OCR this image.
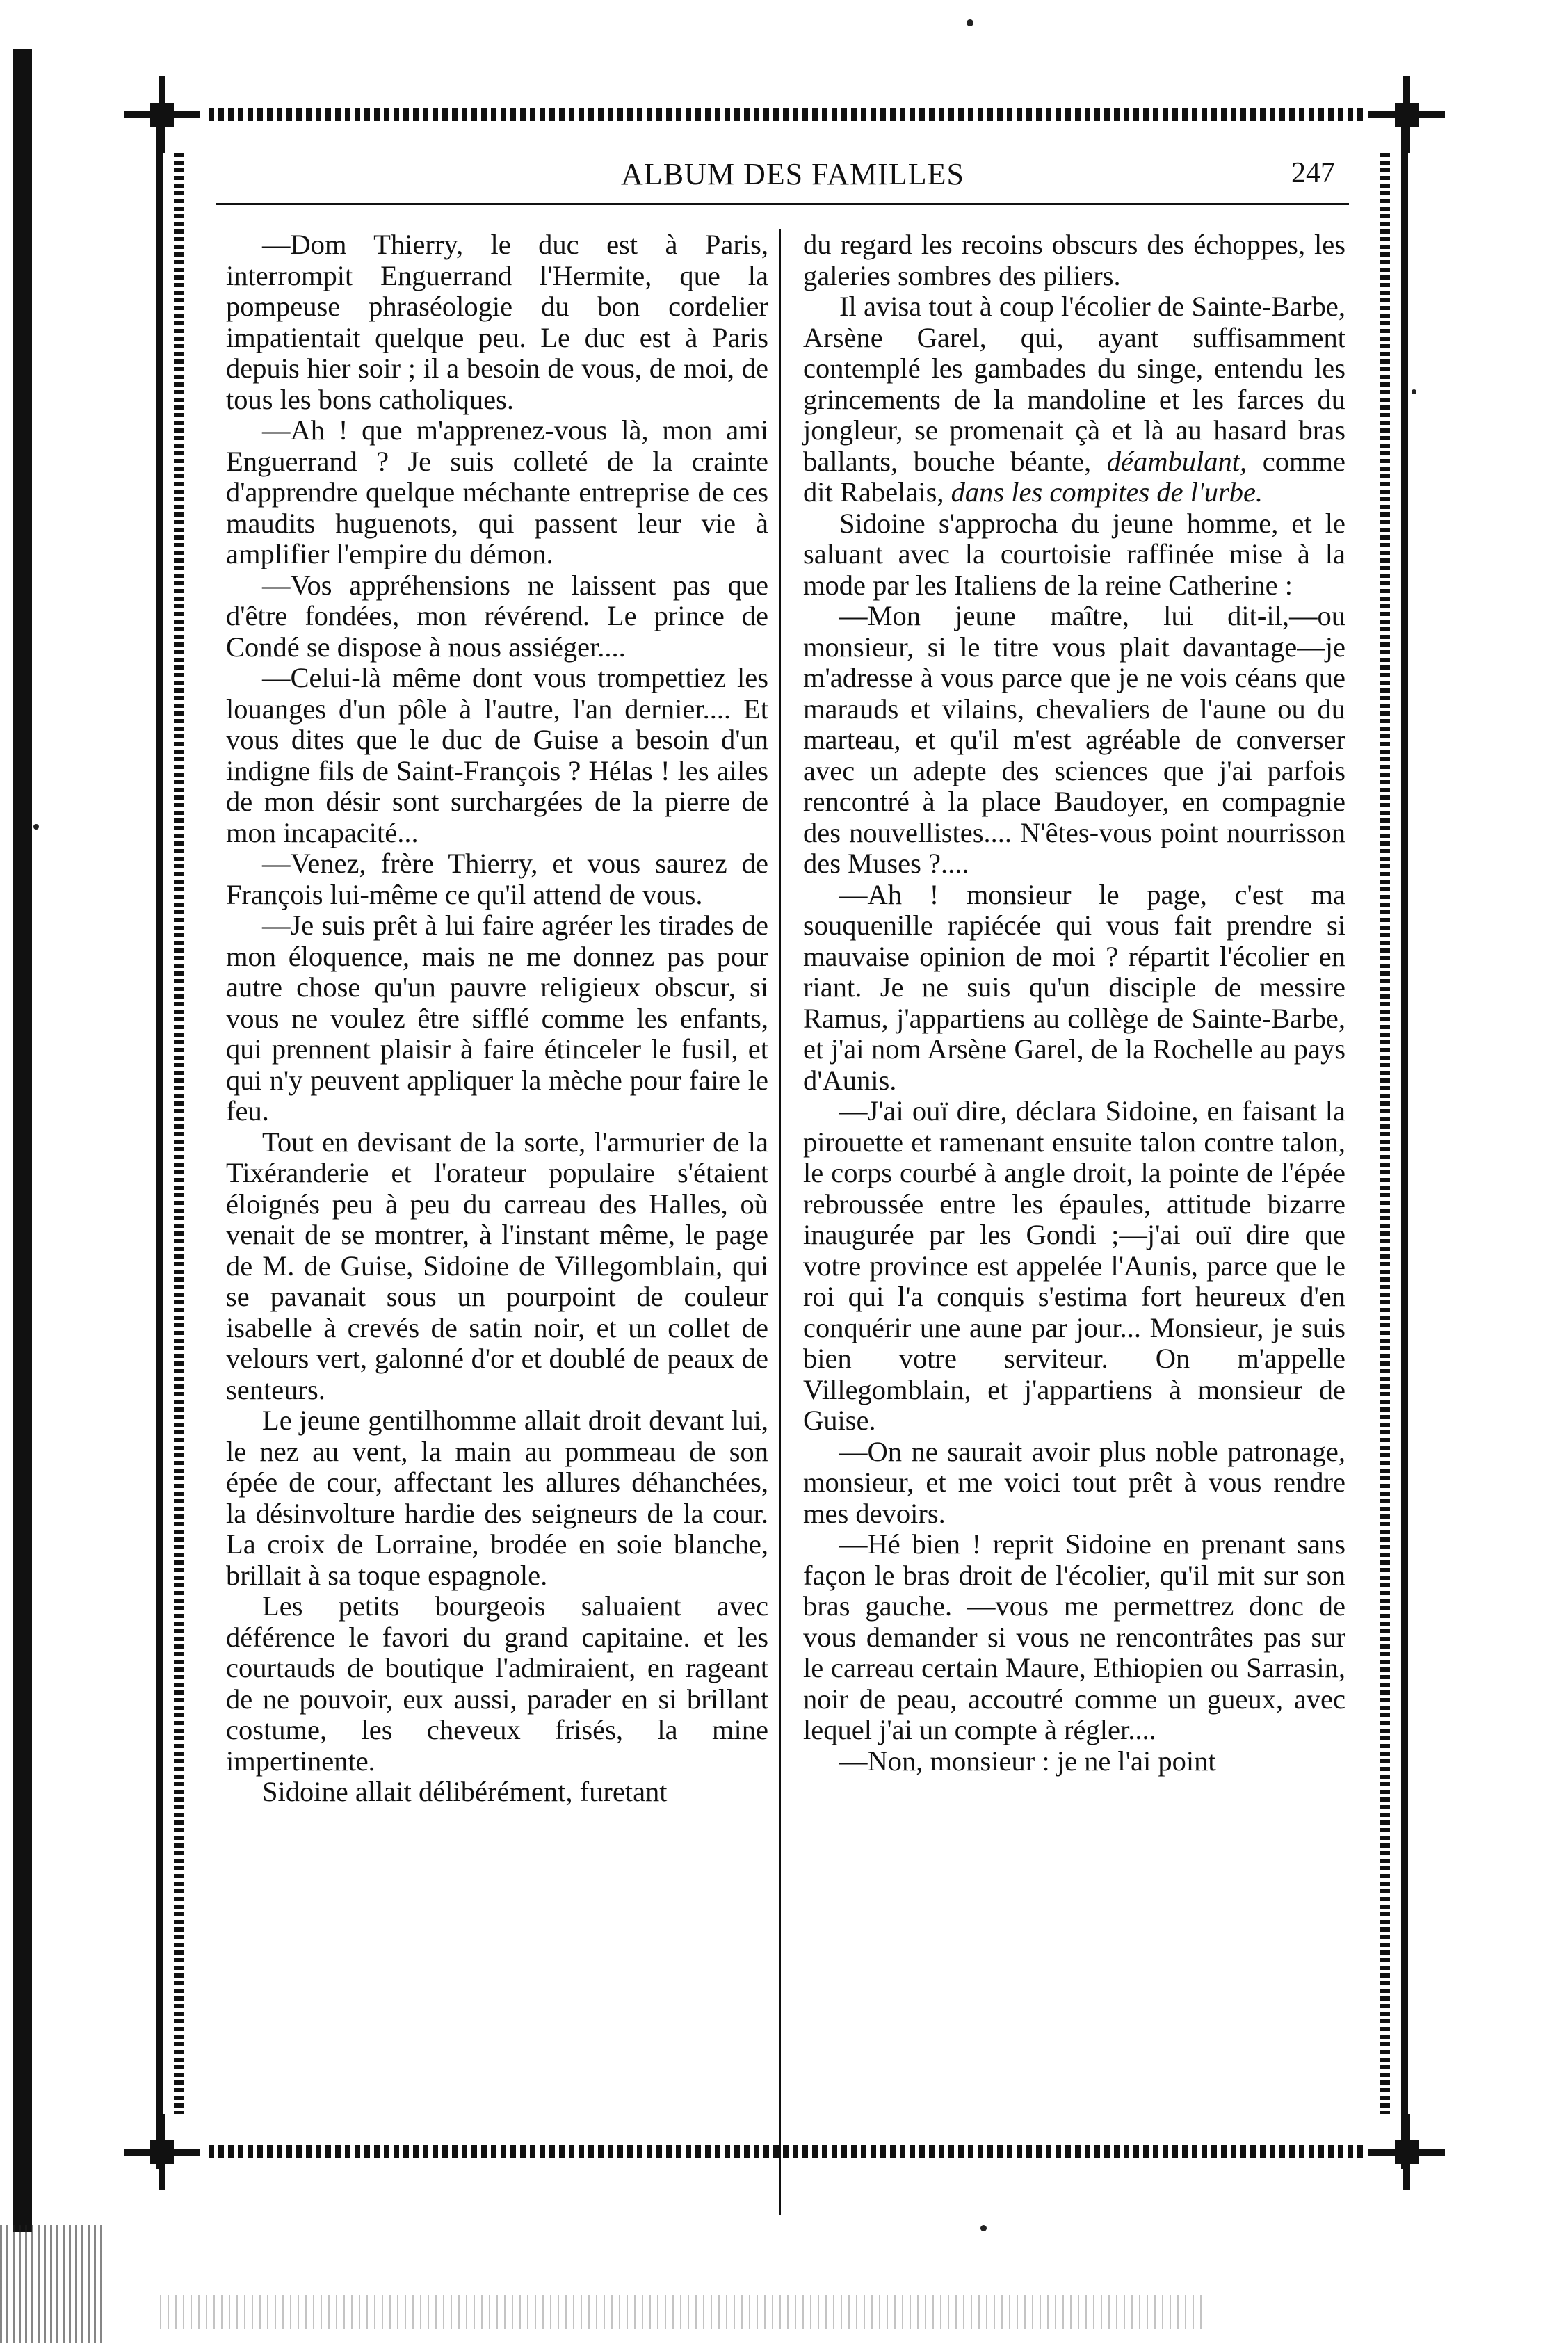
ALBUM DES FAMILLES	247

—Dom Thierry, le duc est à Paris, interrompit Enguerrand l'Hermite, que la pompeuse phraséologie du bon cordelier impatientait quelque peu. Le duc est à Paris depuis hier soir ; il a besoin de vous, de moi, de tous les bons catholiques.

—Ah ! que m'apprenez-vous là, mon ami Enguerrand ? Je suis colleté de la crainte d'apprendre quelque méchante entreprise de ces maudits huguenots, qui passent leur vie à amplifier l'empire du démon.

—Vos appréhensions ne laissent pas que d'être fondées, mon révérend. Le prince de Condé se dispose à nous assiéger....

—Celui-là même dont vous trompettiez les louanges d'un pôle à l'autre, l'an dernier.... Et vous dites que le duc de Guise a besoin d'un indigne fils de Saint-François ? Hélas ! les ailes de mon désir sont surchargées de la pierre de mon incapacité...

—Venez, frère Thierry, et vous saurez de François lui-même ce qu'il attend de vous.

—Je suis prêt à lui faire agréer les tirades de mon éloquence, mais ne me donnez pas pour autre chose qu'un pauvre religieux obscur, si vous ne voulez être sifflé comme les enfants, qui prennent plaisir à faire étinceler le fusil, et qui n'y peuvent appliquer la mèche pour faire le feu.

Tout en devisant de la sorte, l'armurier de la Tixéranderie et l'orateur populaire s'étaient éloignés peu à peu du carreau des Halles, où venait de se montrer, à l'instant même, le page de M. de Guise, Sidoine de Villegomblain, qui se pavanait sous un pourpoint de couleur isabelle à crevés de satin noir, et un collet de velours vert, galonné d'or et doublé de peaux de senteurs.

Le jeune gentilhomme allait droit devant lui, le nez au vent, la main au pommeau de son épée de cour, affectant les allures déhanchées, la désinvolture hardie des seigneurs de la cour. La croix de Lorraine, brodée en soie blanche, brillait à sa toque espagnole.

Les petits bourgeois saluaient avec déférence le favori du grand capitaine. et les courtauds de boutique l'admiraient, en rageant de ne pouvoir, eux aussi, parader en si brillant costume, les cheveux frisés, la mine impertinente.

Sidoine allait délibérément, furetant

du regard les recoins obscurs des échoppes, les galeries sombres des piliers.

Il avisa tout à coup l'écolier de Sainte-Barbe, Arsène Garel, qui, ayant suffisamment contemplé les gambades du singe, entendu les grincements de la mandoline et les farces du jongleur, se promenait çà et là au hasard bras ballants, bouche béante, déambulant, comme dit Rabelais, dans les compites de l'urbe.

Sidoine s'approcha du jeune homme, et le saluant avec la courtoisie raffinée mise à la mode par les Italiens de la reine Catherine :

—Mon jeune maître, lui dit-il,—ou monsieur, si le titre vous plait davantage—je m'adresse à vous parce que je ne vois céans que marauds et vilains, chevaliers de l'aune ou du marteau, et qu'il m'est agréable de converser avec un adepte des sciences que j'ai parfois rencontré à la place Baudoyer, en compagnie des nouvellistes.... N'êtes-vous point nourrisson des Muses ?....

—Ah ! monsieur le page, c'est ma souquenille rapiécée qui vous fait prendre si mauvaise opinion de moi ? répartit l'écolier en riant. Je ne suis qu'un disciple de messire Ramus, j'appartiens au collège de Sainte-Barbe, et j'ai nom Arsène Garel, de la Rochelle au pays d'Aunis.

—J'ai ouï dire, déclara Sidoine, en faisant la pirouette et ramenant ensuite talon contre talon, le corps courbé à angle droit, la pointe de l'épée rebroussée entre les épaules, attitude bizarre inaugurée par les Gondi ;—j'ai ouï dire que votre province est appelée l'Aunis, parce que le roi qui l'a conquis s'estima fort heureux d'en conquérir une aune par jour... Monsieur, je suis bien votre serviteur. On m'appelle Villegomblain, et j'appartiens à monsieur de Guise.

—On ne saurait avoir plus noble patronage, monsieur, et me voici tout prêt à vous rendre mes devoirs.

—Hé bien ! reprit Sidoine en prenant sans façon le bras droit de l'écolier, qu'il mit sur son bras gauche. —vous me permettrez donc de vous demander si vous ne rencontrâtes pas sur le carreau certain Maure, Ethiopien ou Sarrasin, noir de peau, accoutré comme un gueux, avec lequel j'ai un compte à régler....

—Non, monsieur : je ne l'ai point
